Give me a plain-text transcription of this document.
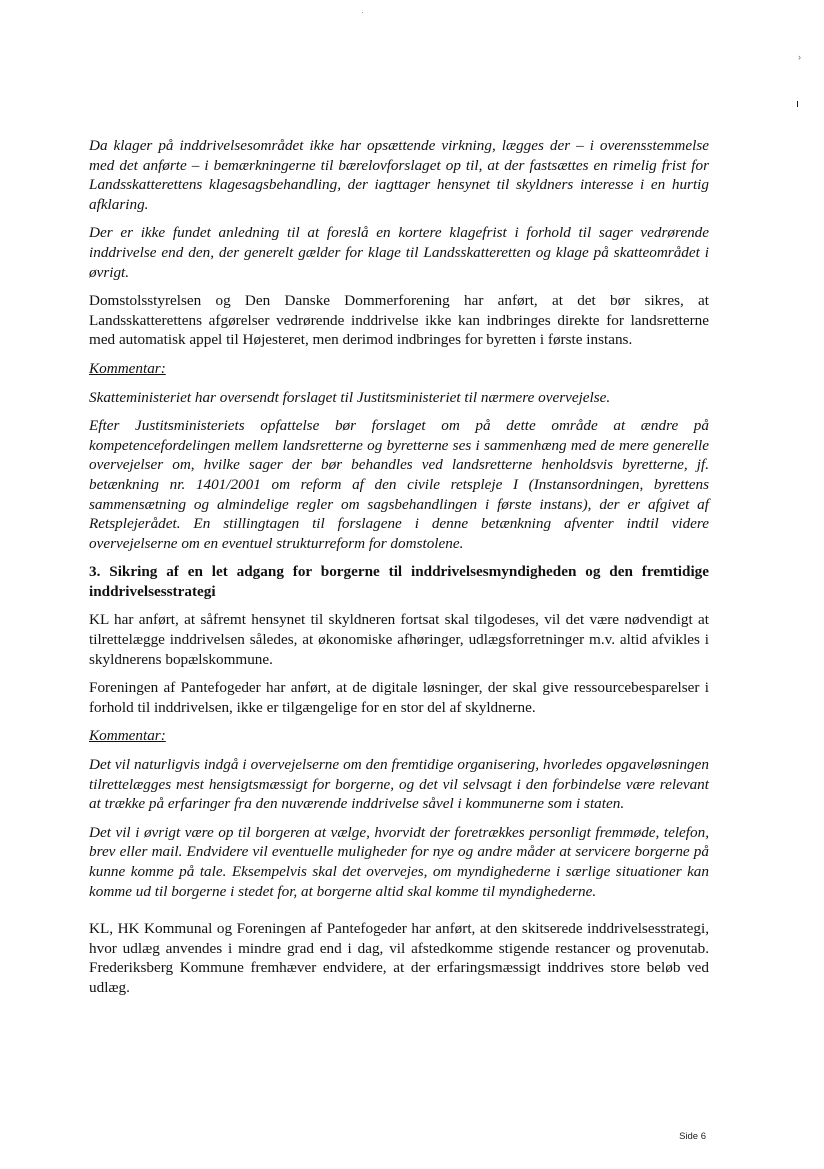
›
ı

Da klager på inddrivelsesområdet ikke har opsættende virkning, lægges der – i overensstemmelse med det anførte – i bemærkningerne til bærelovforslaget op til, at der fastsættes en rimelig frist for Landsskatterettens klagesagsbehandling, der iagttager hensynet til skyldners interesse i en hurtig afklaring.

Der er ikke fundet anledning til at foreslå en kortere klagefrist i forhold til sager vedrørende inddrivelse end den, der generelt gælder for klage til Landsskatteretten og klage på skatteområdet i øvrigt.

Domstolsstyrelsen og Den Danske Dommerforening har anført, at det bør sikres, at Landsskatterettens afgørelser vedrørende inddrivelse ikke kan indbringes direkte for landsretterne med automatisk appel til Højesteret, men derimod indbringes for byretten i første instans.

Kommentar:

Skatteministeriet har oversendt forslaget til Justitsministeriet til nærmere overvejelse.

Efter Justitsministeriets opfattelse bør forslaget om på dette område at ændre på kompetencefordelingen mellem landsretterne og byretterne ses i sammenhæng med de mere generelle overvejelser om, hvilke sager der bør behandles ved landsretterne henholdsvis byretterne, jf. betænkning nr. 1401/2001 om reform af den civile retspleje I (Instansordningen, byrettens sammensætning og almindelige regler om sagsbehandlingen i første instans), der er afgivet af Retsplejerådet. En stillingtagen til forslagene i denne betænkning afventer indtil videre overvejelserne om en eventuel strukturreform for domstolene.

3. Sikring af en let adgang for borgerne til inddrivelsesmyndigheden og den fremtidige inddrivelsesstrategi

KL har anført, at såfremt hensynet til skyldneren fortsat skal tilgodeses, vil det være nødvendigt at tilrettelægge inddrivelsen således, at økonomiske afhøringer, udlægsforretninger m.v. altid afvikles i skyldnerens bopælskommune.

Foreningen af Pantefogeder har anført, at de digitale løsninger, der skal give ressourcebesparelser i forhold til inddrivelsen, ikke er tilgængelige for en stor del af skyldnerne.

Kommentar:

Det vil naturligvis indgå i overvejelserne om den fremtidige organisering, hvorledes opgaveløsningen tilrettelægges mest hensigtsmæssigt for borgerne, og det vil selvsagt i den forbindelse være relevant at trække på erfaringer fra den nuværende inddrivelse såvel i kommunerne som i staten.

Det vil i øvrigt være op til borgeren at vælge, hvorvidt der foretrækkes personligt fremmøde, telefon, brev eller mail. Endvidere vil eventuelle muligheder for nye og andre måder at servicere borgerne på kunne komme på tale. Eksempelvis skal det overvejes, om myndighederne i særlige situationer kan komme ud til borgerne i stedet for, at borgerne altid skal komme til myndighederne.

KL, HK Kommunal og Foreningen af Pantefogeder har anført, at den skitserede inddrivelsesstrategi, hvor udlæg anvendes i mindre grad end i dag, vil afstedkomme stigende restancer og provenutab. Frederiksberg Kommune fremhæver endvidere, at der erfaringsmæssigt inddrives store beløb ved udlæg.

Side 6
